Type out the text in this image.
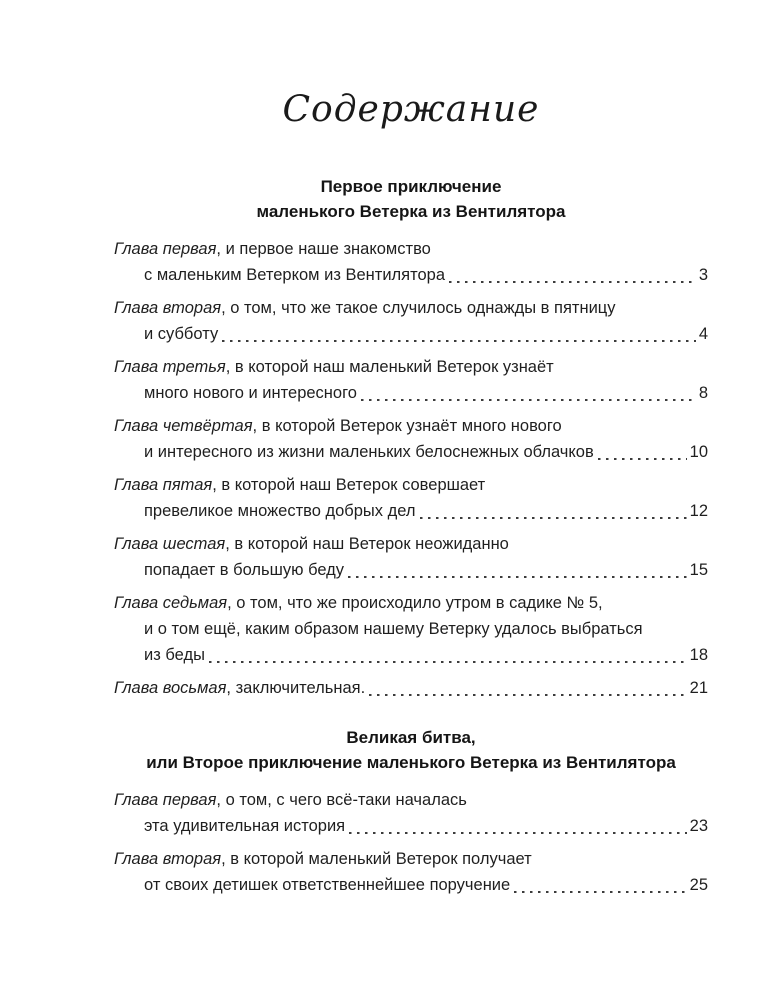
Содержание
Первое приключение
маленького Ветерка из Вентилятора
Глава первая, и первое наше знакомство
с маленьким Ветерком из Вентилятора	3
Глава вторая, о том, что же такое случилось однажды в пятницу
и субботу	4
Глава третья, в которой наш маленький Ветерок узнаёт
много нового и интересного	8
Глава четвёртая, в которой Ветерок узнаёт много нового
и интересного из жизни маленьких белоснежных облачков	10
Глава пятая, в которой наш Ветерок совершает
превеликое множество добрых дел	12
Глава шестая, в которой наш Ветерок неожиданно
попадает в большую беду	15
Глава седьмая, о том, что же происходило утром в садике № 5,
и о том ещё, каким образом нашему Ветерку удалось выбраться
из беды	18
Глава восьмая , заключительная.	21
Великая битва,
или Второе приключение маленького Ветерка из Вентилятора
Глава первая, о том, с чего всё-таки началась
эта удивительная история	23
Глава вторая, в которой маленький Ветерок получает
от своих детишек ответственнейшее поручение	25
